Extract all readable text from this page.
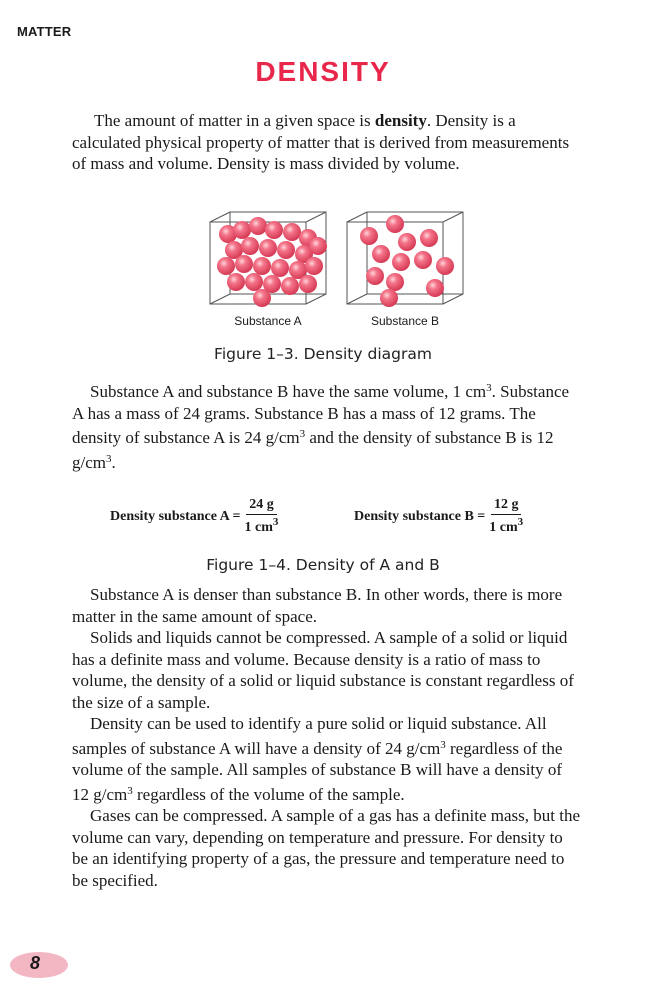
MATTER
DENSITY

The amount of matter in a given space is density. Density is a calculated physical property of matter that is derived from measurements of mass and volume. Density is mass divided by volume.

Substance A	Substance B
Figure 1–3. Density diagram

Substance A and substance B have the same volume, 1 $cm^3$. Substance A has a mass of 24 grams. Substance B has a mass of 12 grams. The density of substance A is 24 $g/cm^3$ and the density of substance B is 12 $g/cm^3$.

Density substance $A = \frac{24 g}{1 cm^3}$	Density substance $B = \frac{12 g}{1 cm^3}$
Figure 1–4. Density of A and B

Substance A is denser than substance B. In other words, there is more matter in the same amount of space.

Solids and liquids cannot be compressed. A sample of a solid or liquid has a definite mass and volume. Because density is a ratio of mass to volume, the density of a solid or liquid substance is constant regardless of the size of a sample.

Density can be used to identify a pure solid or liquid substance. All samples of substance A will have a density of 24 $g/cm^3$ regardless of the volume of the sample. All samples of substance B will have a density of 12 $g/cm^3$ regardless of the volume of the sample.

Gases can be compressed. A sample of a gas has a definite mass, but the volume can vary, depending on temperature and pressure. For density to be an identifying property of a gas, the pressure and temperature need to be specified.

8
